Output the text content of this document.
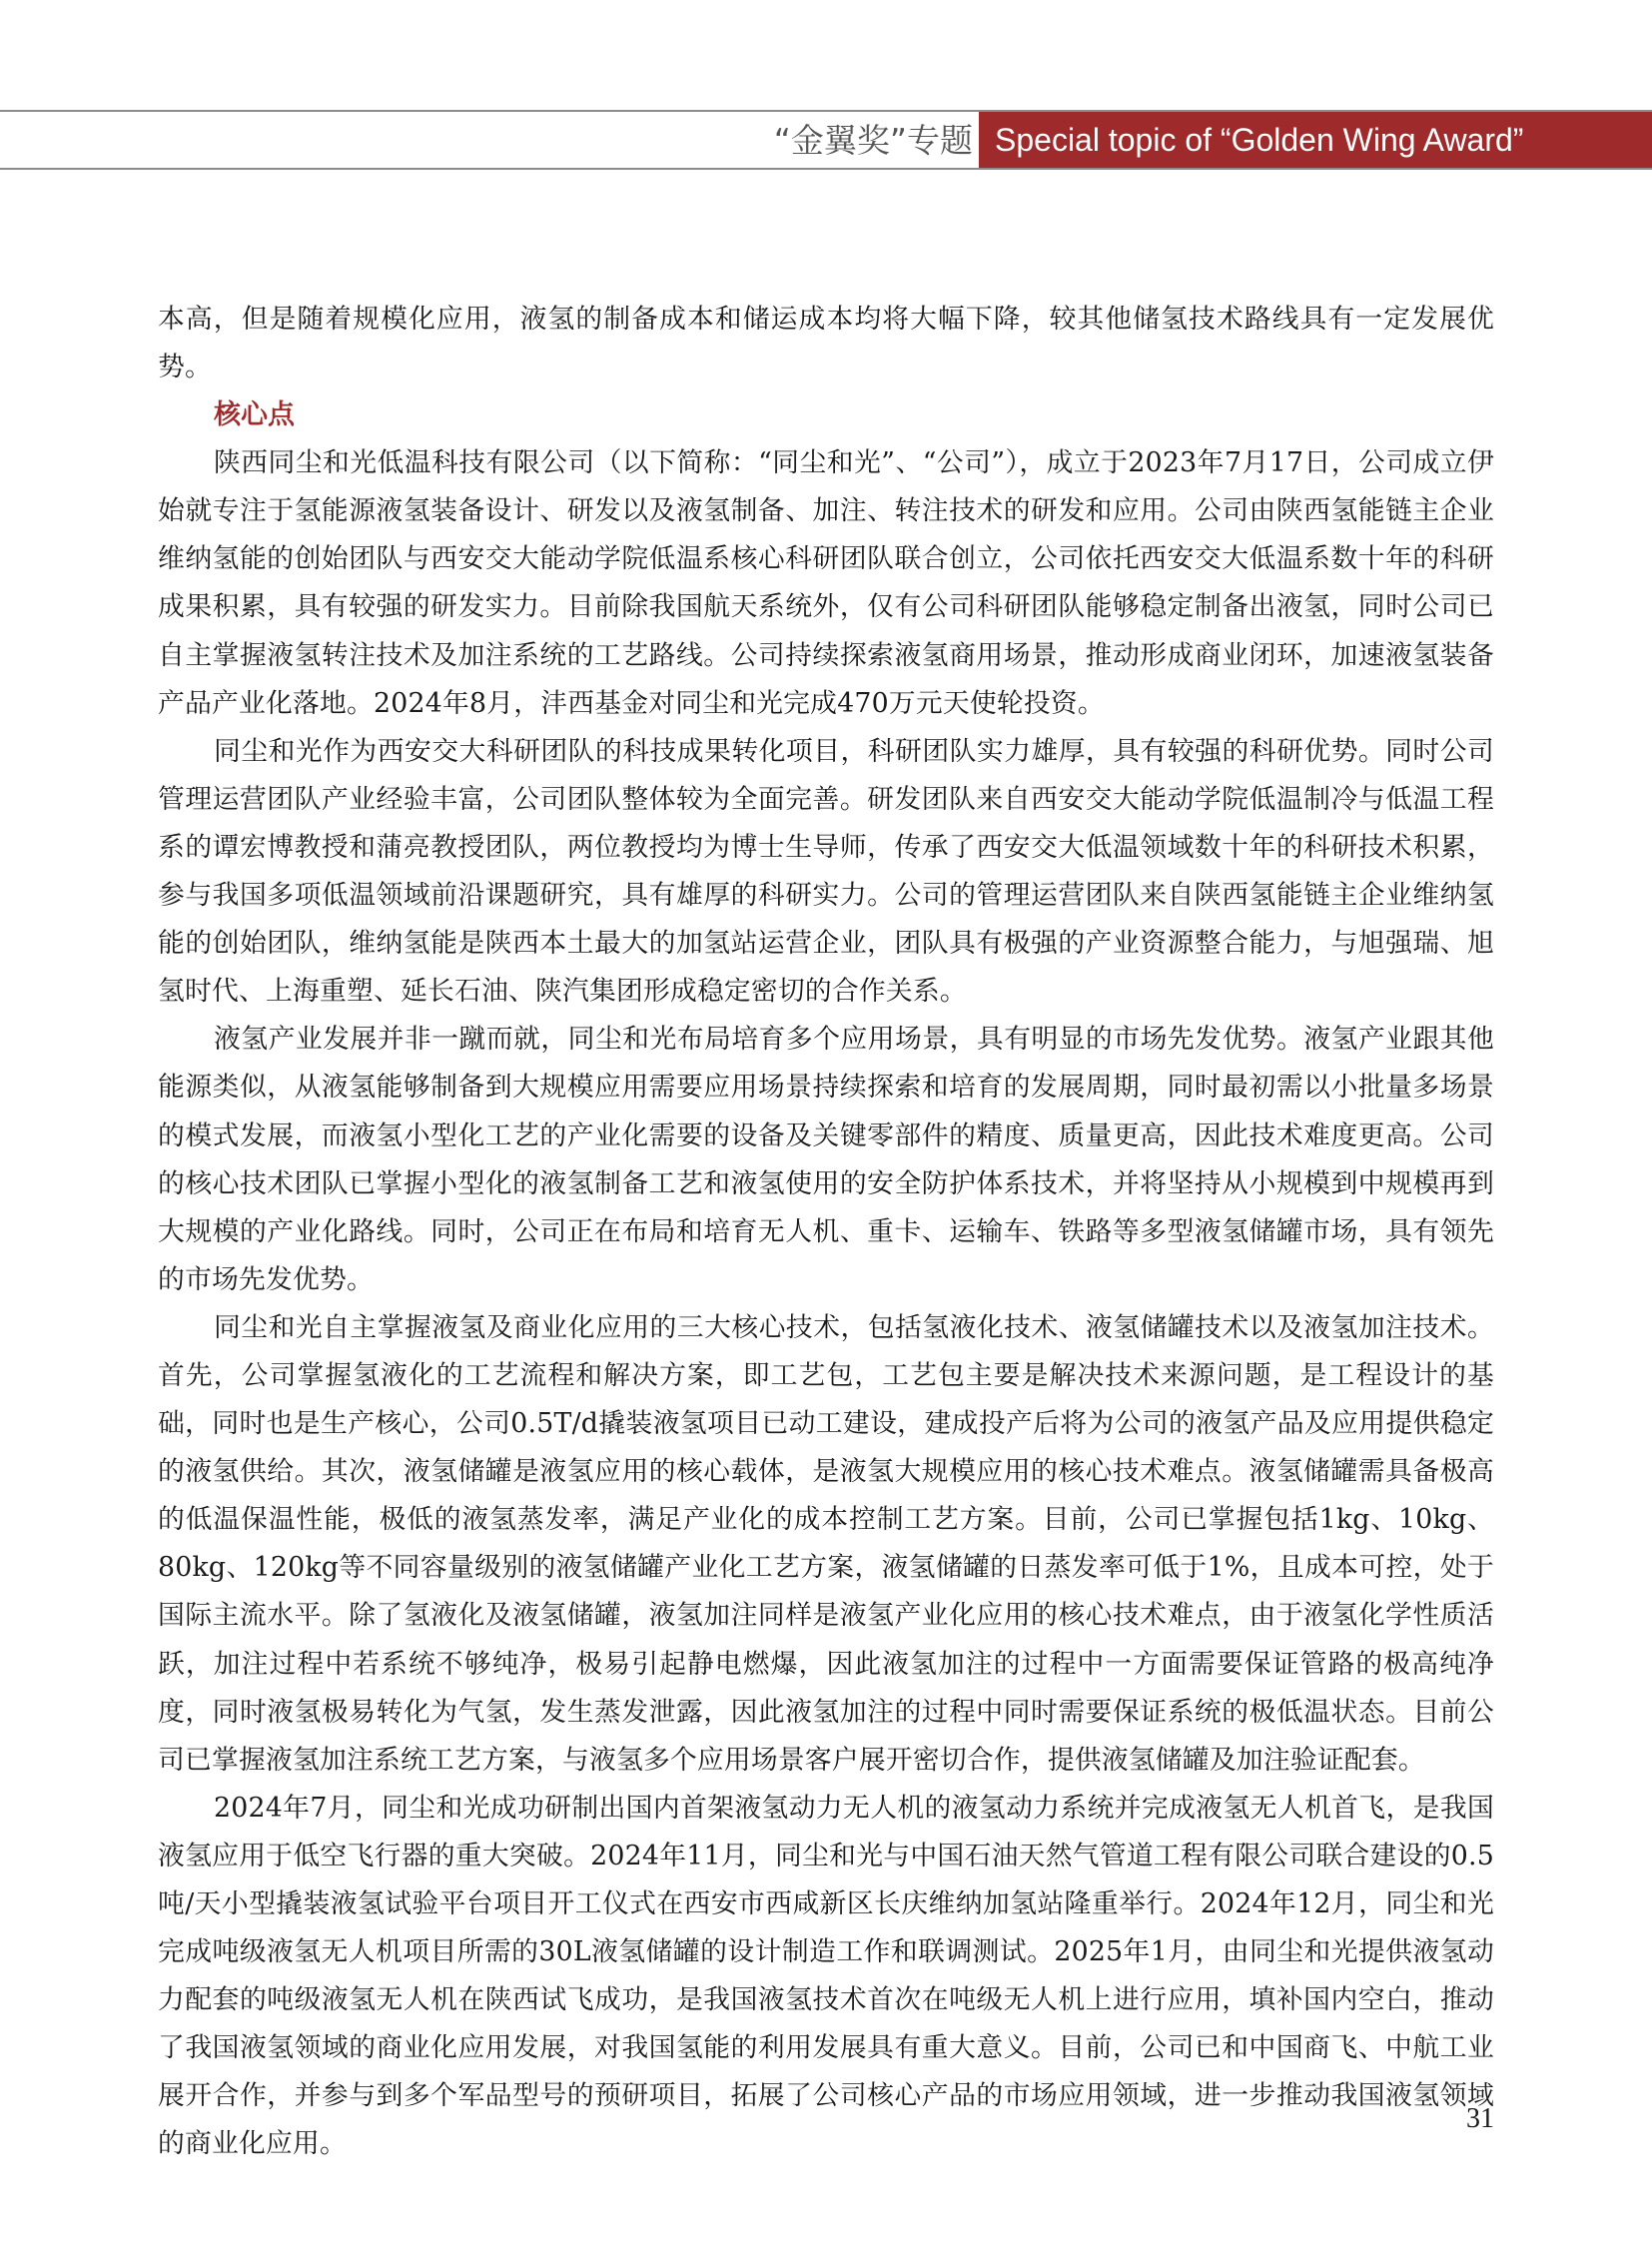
“金翼奖”专题 Special topic of “Golden Wing Award”

本高，但是随着规模化应用，液氢的制备成本和储运成本均将大幅下降，较其他储氢技术路线具有一定发展优势。

核心点

陕西同尘和光低温科技有限公司（以下简称：“同尘和光”、“公司”），成立于2023年7月17日，公司成立伊始就专注于氢能源液氢装备设计、研发以及液氢制备、加注、转注技术的研发和应用。公司由陕西氢能链主企业维纳氢能的创始团队与西安交大能动学院低温系核心科研团队联合创立，公司依托西安交大低温系数十年的科研成果积累，具有较强的研发实力。目前除我国航天系统外，仅有公司科研团队能够稳定制备出液氢，同时公司已自主掌握液氢转注技术及加注系统的工艺路线。公司持续探索液氢商用场景，推动形成商业闭环，加速液氢装备产品产业化落地。2024年8月，沣西基金对同尘和光完成470万元天使轮投资。

同尘和光作为西安交大科研团队的科技成果转化项目，科研团队实力雄厚，具有较强的科研优势。同时公司管理运营团队产业经验丰富，公司团队整体较为全面完善。研发团队来自西安交大能动学院低温制冷与低温工程系的谭宏博教授和蒲亮教授团队，两位教授均为博士生导师，传承了西安交大低温领域数十年的科研技术积累，参与我国多项低温领域前沿课题研究，具有雄厚的科研实力。公司的管理运营团队来自陕西氢能链主企业维纳氢能的创始团队，维纳氢能是陕西本土最大的加氢站运营企业，团队具有极强的产业资源整合能力，与旭强瑞、旭氢时代、上海重塑、延长石油、陕汽集团形成稳定密切的合作关系。

液氢产业发展并非一蹴而就，同尘和光布局培育多个应用场景，具有明显的市场先发优势。液氢产业跟其他能源类似，从液氢能够制备到大规模应用需要应用场景持续探索和培育的发展周期，同时最初需以小批量多场景的模式发展，而液氢小型化工艺的产业化需要的设备及关键零部件的精度、质量更高，因此技术难度更高。公司的核心技术团队已掌握小型化的液氢制备工艺和液氢使用的安全防护体系技术，并将坚持从小规模到中规模再到大规模的产业化路线。同时，公司正在布局和培育无人机、重卡、运输车、铁路等多型液氢储罐市场，具有领先的市场先发优势。

同尘和光自主掌握液氢及商业化应用的三大核心技术，包括氢液化技术、液氢储罐技术以及液氢加注技术。首先，公司掌握氢液化的工艺流程和解决方案，即工艺包，工艺包主要是解决技术来源问题，是工程设计的基础，同时也是生产核心，公司0.5T/d撬装液氢项目已动工建设，建成投产后将为公司的液氢产品及应用提供稳定的液氢供给。其次，液氢储罐是液氢应用的核心载体，是液氢大规模应用的核心技术难点。液氢储罐需具备极高的低温保温性能，极低的液氢蒸发率，满足产业化的成本控制工艺方案。目前，公司已掌握包括1kg、10kg、80kg、120kg等不同容量级别的液氢储罐产业化工艺方案，液氢储罐的日蒸发率可低于1%，且成本可控，处于国际主流水平。除了氢液化及液氢储罐，液氢加注同样是液氢产业化应用的核心技术难点，由于液氢化学性质活跃，加注过程中若系统不够纯净，极易引起静电燃爆，因此液氢加注的过程中一方面需要保证管路的极高纯净度，同时液氢极易转化为气氢，发生蒸发泄露，因此液氢加注的过程中同时需要保证系统的极低温状态。目前公司已掌握液氢加注系统工艺方案，与液氢多个应用场景客户展开密切合作，提供液氢储罐及加注验证配套。

2024年7月，同尘和光成功研制出国内首架液氢动力无人机的液氢动力系统并完成液氢无人机首飞，是我国液氢应用于低空飞行器的重大突破。2024年11月，同尘和光与中国石油天然气管道工程有限公司联合建设的0.5吨/天小型撬装液氢试验平台项目开工仪式在西安市西咸新区长庆维纳加氢站隆重举行。2024年12月，同尘和光完成吨级液氢无人机项目所需的30L液氢储罐的设计制造工作和联调测试。2025年1月，由同尘和光提供液氢动力配套的吨级液氢无人机在陕西试飞成功，是我国液氢技术首次在吨级无人机上进行应用，填补国内空白，推动了我国液氢领域的商业化应用发展，对我国氢能的利用发展具有重大意义。目前，公司已和中国商飞、中航工业展开合作，并参与到多个军品型号的预研项目，拓展了公司核心产品的市场应用领域，进一步推动我国液氢领域的商业化应用。

31
